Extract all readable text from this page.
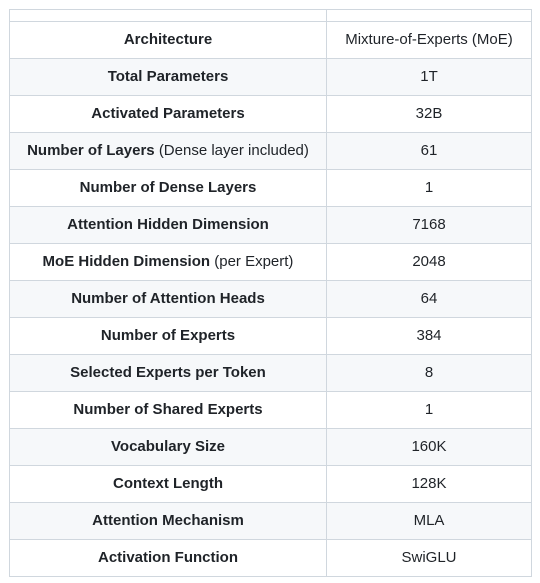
Architecture	Mixture-of-Experts (MoE)
Total Parameters	1T
Activated Parameters	32B
Number of Layers (Dense layer included)	61
Number of Dense Layers	1
Attention Hidden Dimension	7168
MoE Hidden Dimension (per Expert)	2048
Number of Attention Heads	64
Number of Experts	384
Selected Experts per Token	8
Number of Shared Experts	1
Vocabulary Size	160K
Context Length	128K
Attention Mechanism	MLA
Activation Function	SwiGLU
